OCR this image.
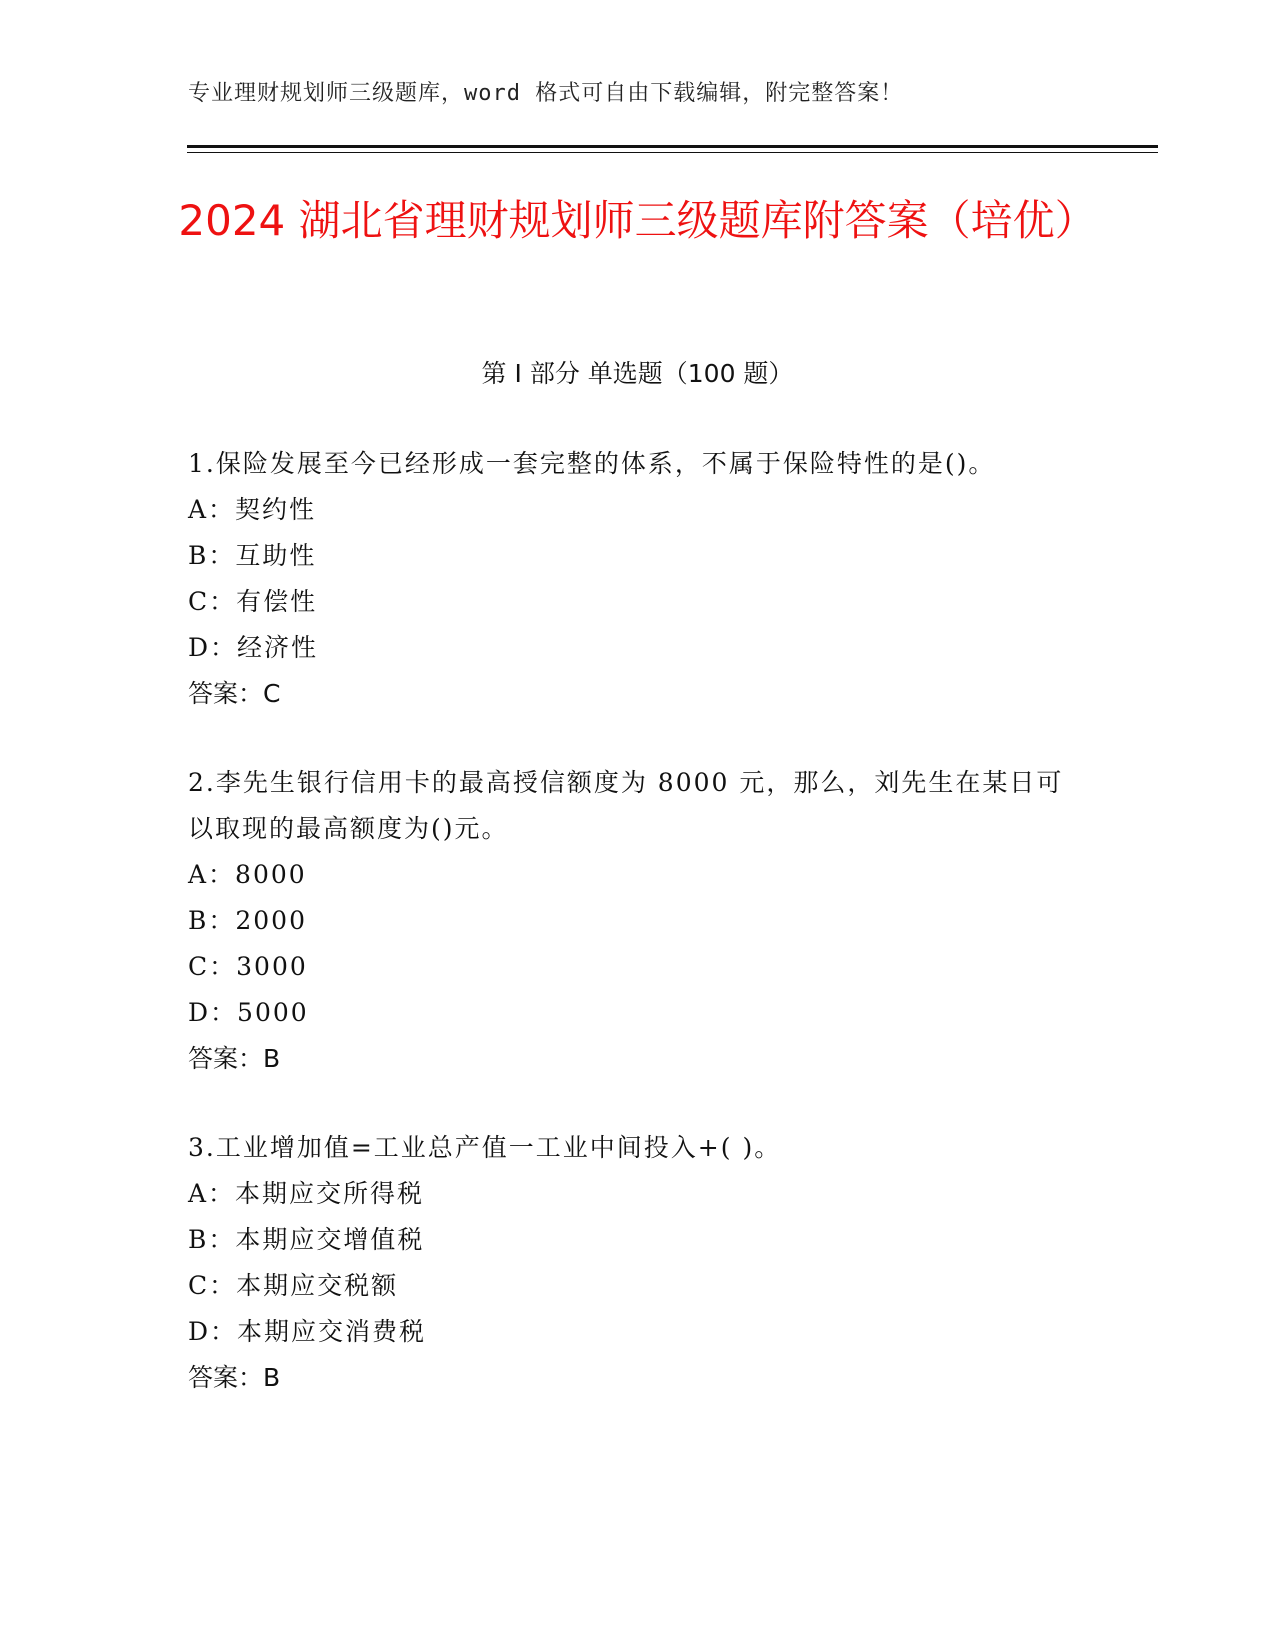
专业理财规划师三级题库，word 格式可自由下载编辑，附完整答案！
2024 湖北省理财规划师三级题库附答案（培优）
第 I 部分 单选题（100 题）
1.保险发展至今已经形成一套完整的体系，不属于保险特性的是()。
A：契约性
B：互助性
C：有偿性
D：经济性
答案：C
2.李先生银行信用卡的最高授信额度为 8000 元，那么，刘先生在某日可以取现的最高额度为()元。
A：8000
B：2000
C：3000
D：5000
答案：B
3.工业增加值=工业总产值一工业中间投入+( )。
A：本期应交所得税
B：本期应交增值税
C：本期应交税额
D：本期应交消费税
答案：B
